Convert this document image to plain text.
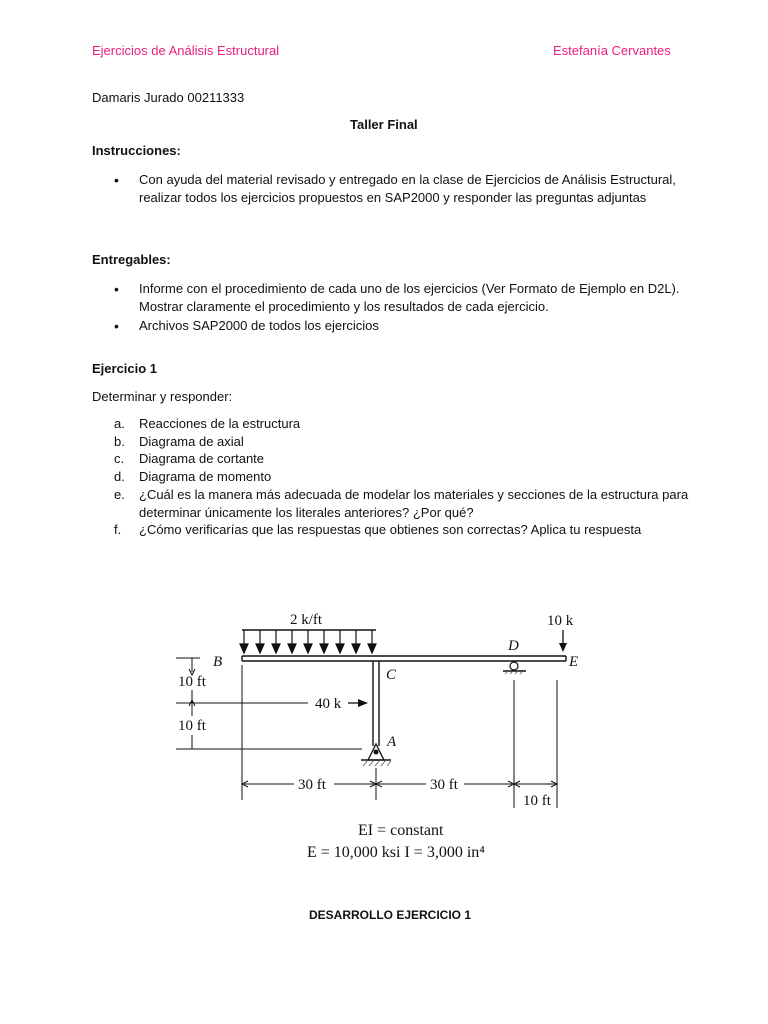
Ejercicios de Análisis Estructural	Estefanía Cervantes
Damaris Jurado 00211333
Taller Final
Instrucciones:
• Con ayuda del material revisado y entregado en la clase de Ejercicios de Análisis Estructural, realizar todos los ejercicios propuestos en SAP2000 y responder las preguntas adjuntas
Entregables:
• Informe con el procedimiento de cada uno de los ejercicios (Ver Formato de Ejemplo en D2L). Mostrar claramente el procedimiento y los resultados de cada ejercicio.
• Archivos SAP2000 de todos los ejercicios
Ejercicio 1
Determinar y responder:
a. Reacciones de la estructura
b. Diagrama de axial
c. Diagrama de cortante
d. Diagrama de momento
e. ¿Cuál es la manera más adecuada de modelar los materiales y secciones de la estructura para determinar únicamente los literales anteriores? ¿Por qué?
f. ¿Cómo verificarías que las respuestas que obtienes son correctas? Aplica tu respuesta
2 k/ft	10 k
40 k
B
C
D
E
A
10 ft
10 ft
30 ft	30 ft
10 ft
EI = constant
E = 10,000 ksi I = 3,000 in⁴
DESARROLLO EJERCICIO 1
